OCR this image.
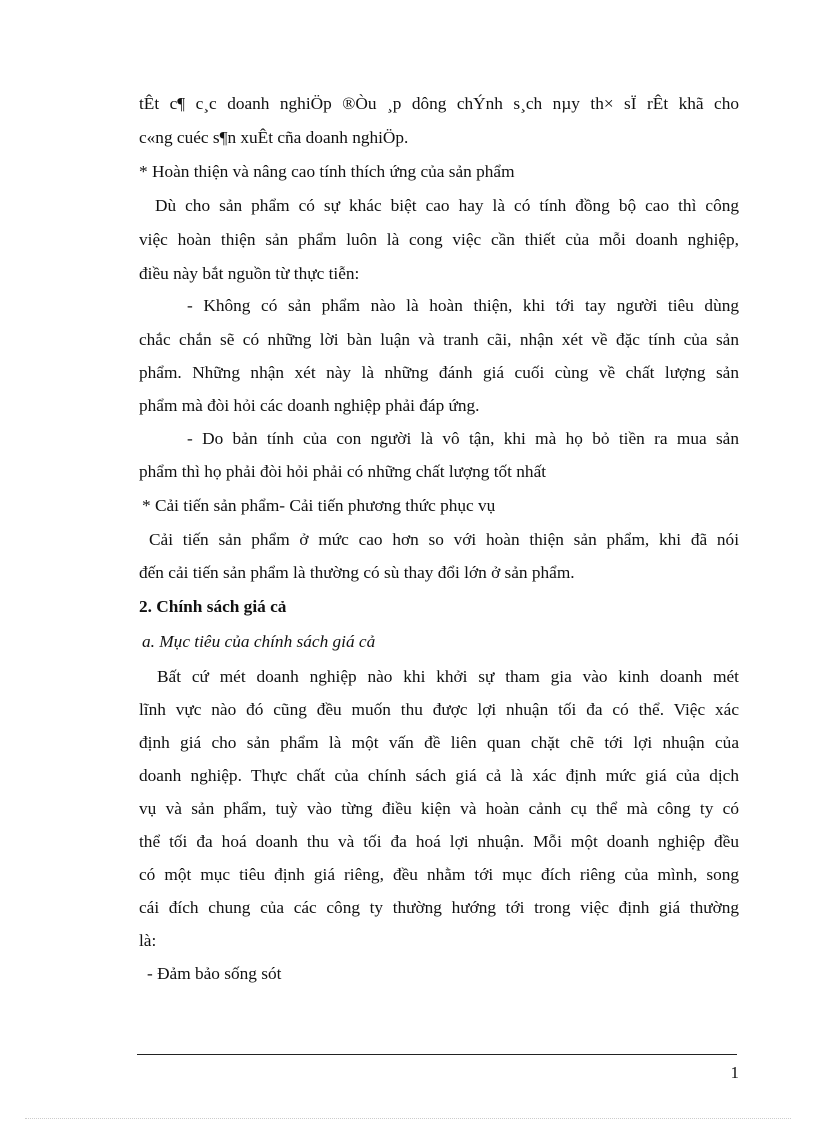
tÊt c¶ c¸c doanh nghiÖp ®Òu ¸p dông chÝnh s¸ch nµy th× sÏ rÊt khã cho
c«ng cuéc s¶n xuÊt cña doanh nghiÖp.
* Hoàn thiện và nâng cao tính thích ứng của sản phẩm
Dù cho sản phẩm có sự khác biệt cao hay là có tính đồng bộ cao thì công
việc hoàn thiện sản phẩm luôn là cong việc cần thiết của mỗi doanh nghiệp,
điều này bắt nguồn từ thực tiễn:
- Không có sản phẩm nào là hoàn thiện, khi tới tay người tiêu dùng
chắc chắn sẽ có những lời bàn luận và tranh cãi, nhận xét về đặc tính của sản
phẩm. Những nhận xét này là những đánh giá cuối cùng về chất lượng sản
phẩm mà đòi hỏi các doanh nghiệp phải đáp ứng.
- Do bản tính của con người là vô tận, khi mà họ bỏ tiền ra mua sản
phẩm thì họ phải đòi hỏi phải có những chất lượng tốt nhất
* Cải tiến sản phẩm- Cải tiến phương thức phục vụ
Cải tiến sản phẩm ở mức cao hơn so với hoàn thiện sản phẩm, khi đã nói
đến cải tiến sản phẩm là thường có sù thay đổi lớn ở sản phẩm.
2. Chính sách giá cả
a. Mục tiêu của chính sách giá cả
Bất cứ mét doanh nghiệp nào khi khởi sự tham gia vào kinh doanh mét
lĩnh vực nào đó cũng đều muốn thu được lợi nhuận tối đa có thể. Việc xác
định giá cho sản phẩm là một vấn đề liên quan chặt chẽ tới lợi nhuận của
doanh nghiệp. Thực chất của chính sách giá cả là xác định mức giá của dịch
vụ và sản phẩm, tuỳ vào từng điều kiện và hoàn cảnh cụ thể mà công ty có
thể tối đa hoá doanh thu và tối đa hoá lợi nhuận. Mỗi một doanh nghiệp đều
có một mục tiêu định giá riêng, đều nhằm tới mục đích riêng của mình, song
cái đích chung của các công ty thường hướng tới trong việc định giá thường
là:
- Đảm bảo sống sót
1
